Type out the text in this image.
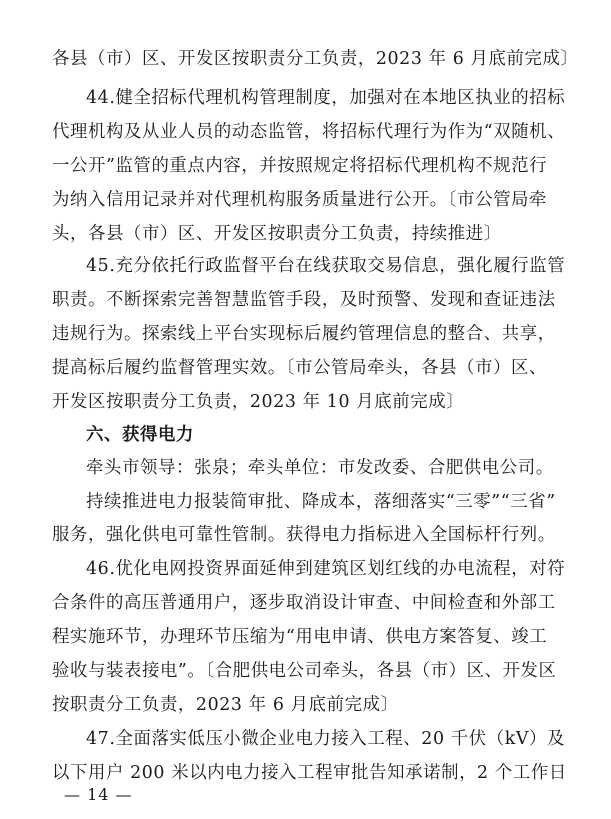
各县（市）区、开发区按职责分工负责，2023 年 6 月底前完成〕
44.健全招标代理机构管理制度，加强对在本地区执业的招标
代理机构及从业人员的动态监管，将招标代理行为作为“双随机、
一公开”监管的重点内容，并按照规定将招标代理机构不规范行
为纳入信用记录并对代理机构服务质量进行公开。〔市公管局牵
头，各县（市）区、开发区按职责分工负责，持续推进〕
45.充分依托行政监督平台在线获取交易信息，强化履行监管
职责。不断探索完善智慧监管手段，及时预警、发现和查证违法
违规行为。探索线上平台实现标后履约管理信息的整合、共享，
提高标后履约监督管理实效。〔市公管局牵头，各县（市）区、
开发区按职责分工负责，2023 年 10 月底前完成〕
六、获得电力
牵头市领导：张泉；牵头单位：市发改委、合肥供电公司。
持续推进电力报装简审批、降成本，落细落实“三零”“三省”
服务，强化供电可靠性管制。获得电力指标进入全国标杆行列。
46.优化电网投资界面延伸到建筑区划红线的办电流程，对符
合条件的高压普通用户，逐步取消设计审查、中间检查和外部工
程实施环节，办理环节压缩为“用电申请、供电方案答复、竣工
验收与装表接电”。〔合肥供电公司牵头，各县（市）区、开发区
按职责分工负责，2023 年 6 月底前完成〕
47.全面落实低压小微企业电力接入工程、20 千伏（kV）及
以下用户 200 米以内电力接入工程审批告知承诺制，2 个工作日
— 14 —
